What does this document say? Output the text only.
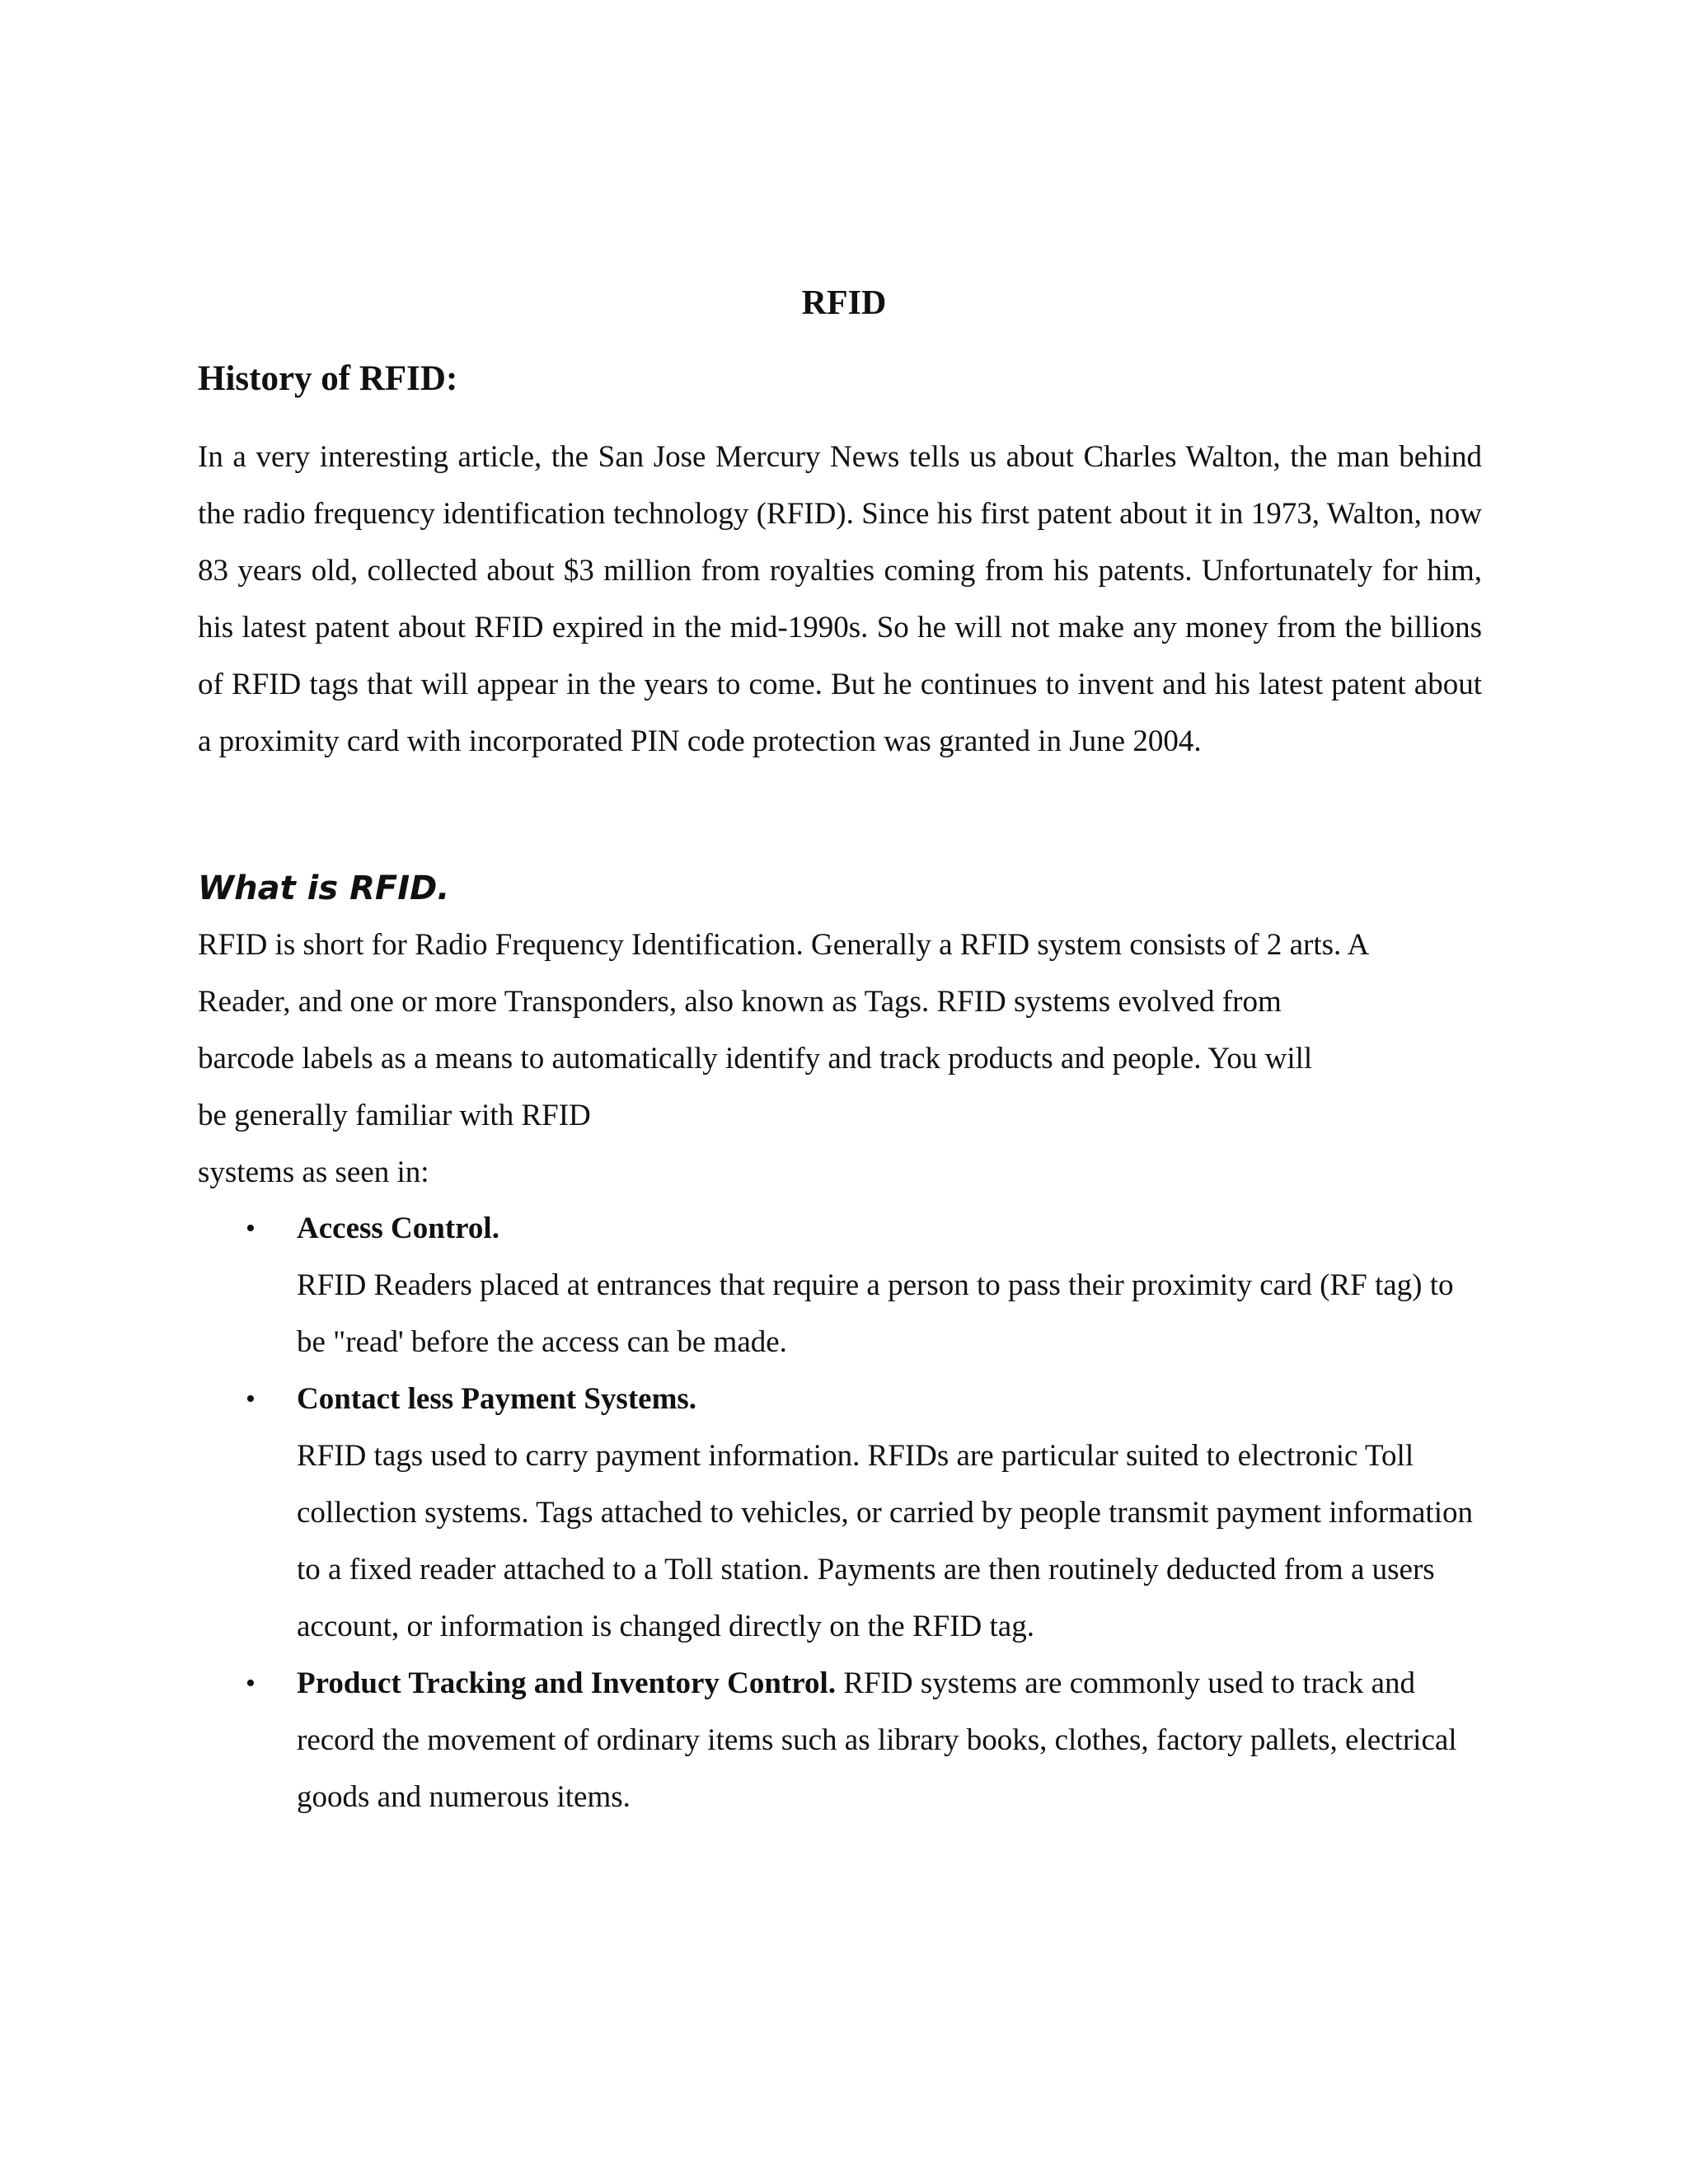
RFID
History of RFID:

In a very interesting article, the San Jose Mercury News tells us about Charles Walton, the man behind the radio frequency identification technology (RFID). Since his first patent about it in 1973, Walton, now 83 years old, collected about $3 million from royalties coming from his patents. Unfortunately for him, his latest patent about RFID expired in the mid-1990s. So he will not make any money from the billions of RFID tags that will appear in the years to come. But he continues to invent and his latest patent about a proximity card with incorporated PIN code protection was granted in June 2004.

What is RFID.
RFID is short for Radio Frequency Identification. Generally a RFID system consists of 2 arts. A
Reader, and one or more Transponders, also known as Tags. RFID systems evolved from
barcode labels as a means to automatically identify and track products and people. You will
be generally familiar with RFID
systems as seen in:
• Access Control.
RFID Readers placed at entrances that require a person to pass their proximity card (RF tag) to be "read' before the access can be made.
• Contact less Payment Systems.
RFID tags used to carry payment information. RFIDs are particular suited to electronic Toll collection systems. Tags attached to vehicles, or carried by people transmit payment information to a fixed reader attached to a Toll station. Payments are then routinely deducted from a users account, or information is changed directly on the RFID tag.
• Product Tracking and Inventory Control. RFID systems are commonly used to track and record the movement of ordinary items such as library books, clothes, factory pallets, electrical goods and numerous items.
